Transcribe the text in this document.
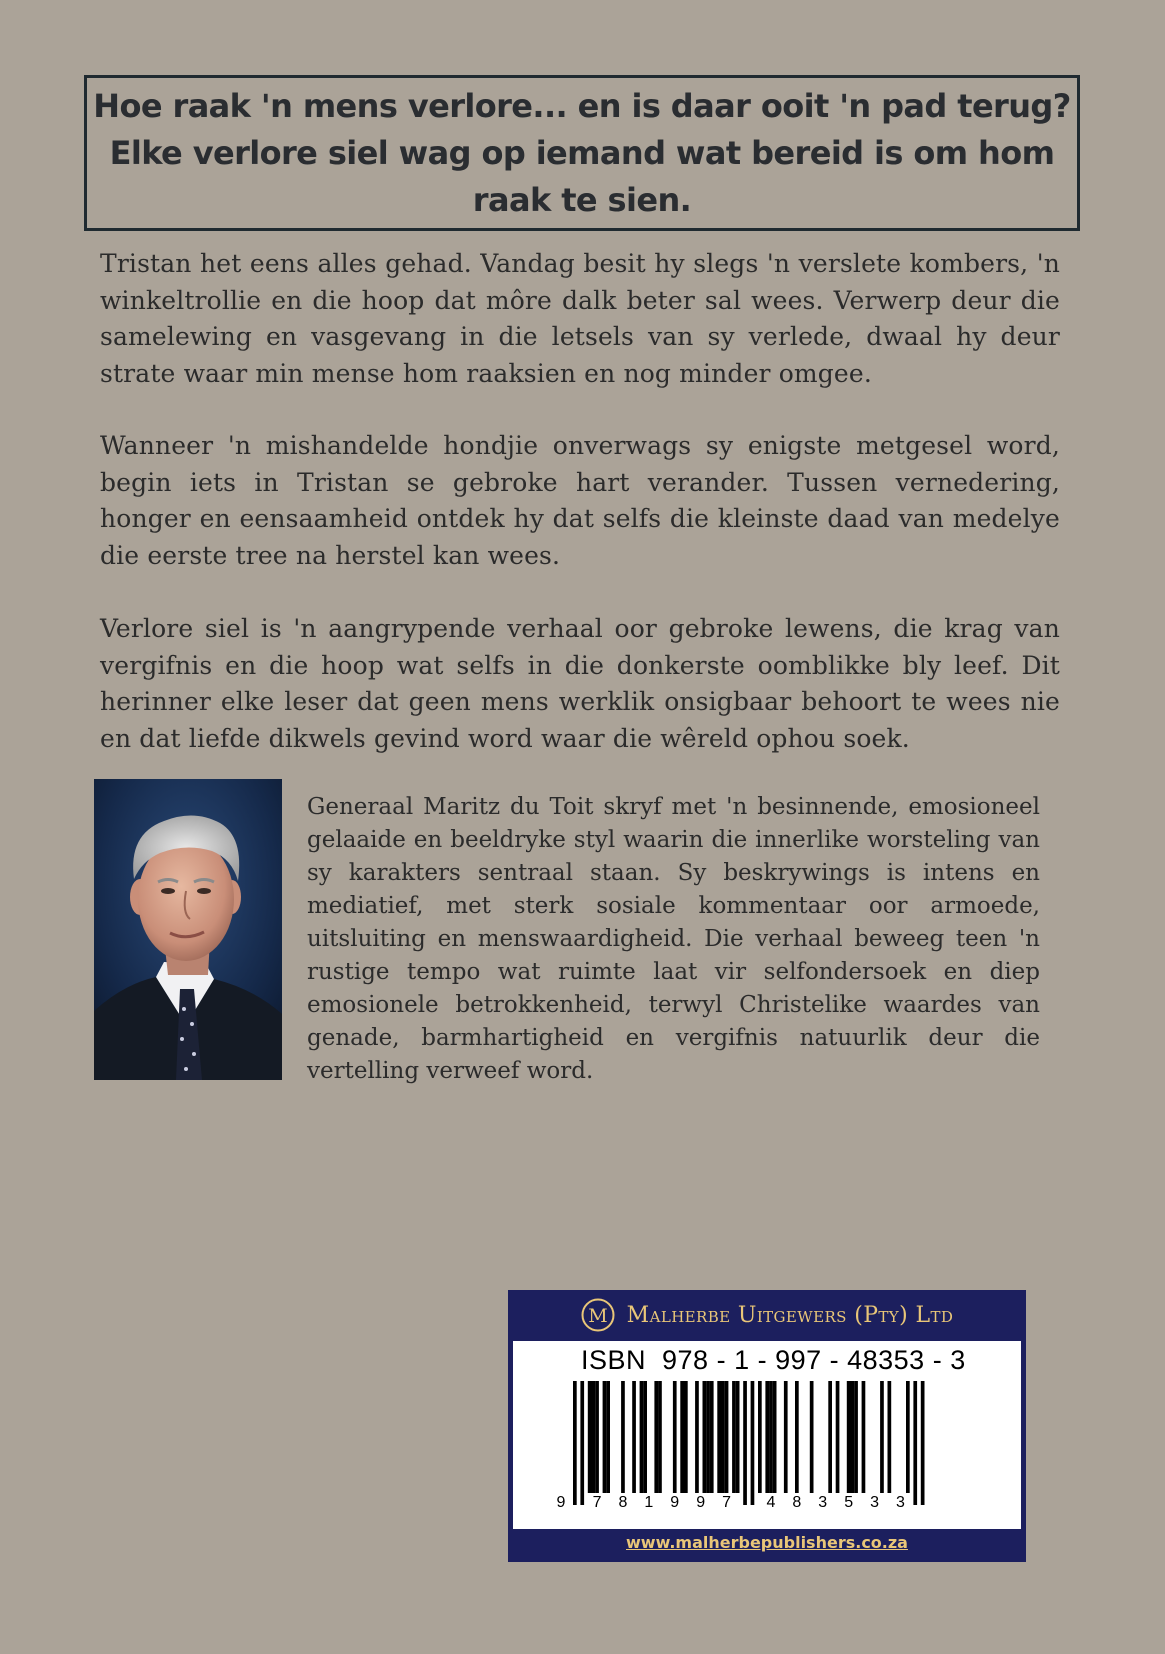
Hoe raak 'n mens verlore... en is daar ooit 'n pad terug?
Elke verlore siel wag op iemand wat bereid is om hom
raak te sien.

Tristan het eens alles gehad. Vandag besit hy slegs 'n verslete kombers, 'n winkeltrollie en die hoop dat môre dalk beter sal wees. Verwerp deur die samelewing en vasgevang in die letsels van sy verlede, dwaal hy deur strate waar min mense hom raaksien en nog minder omgee.

Wanneer 'n mishandelde hondjie onverwags sy enigste metgesel word, begin iets in Tristan se gebroke hart verander. Tussen vernedering, honger en eensaamheid ontdek hy dat selfs die kleinste daad van medelye die eerste tree na herstel kan wees.

Verlore siel is 'n aangrypende verhaal oor gebroke lewens, die krag van vergifnis en die hoop wat selfs in die donkerste oomblikke bly leef. Dit herinner elke leser dat geen mens werklik onsigbaar behoort te wees nie en dat liefde dikwels gevind word waar die wêreld ophou soek.

Generaal Maritz du Toit skryf met 'n besinnende, emosioneel gelaaide en beeldryke styl waarin die innerlike worsteling van sy karakters sentraal staan. Sy beskrywings is intens en mediatief, met sterk sosiale kommentaar oor armoede, uitsluiting en menswaardigheid. Die verhaal beweeg teen 'n rustige tempo wat ruimte laat vir selfondersoek en diep emosionele betrokkenheid, terwyl Christelike waardes van genade, barmhartigheid en vergifnis natuurlik deur die vertelling verweef word.

M Malherbe Uitgewers (Pty) Ltd
ISBN  978 - 1 - 997 - 48353 - 3
9 7 8 1 9 9 7 4 8 3 5 3 3
www.malherbepublishers.co.za
